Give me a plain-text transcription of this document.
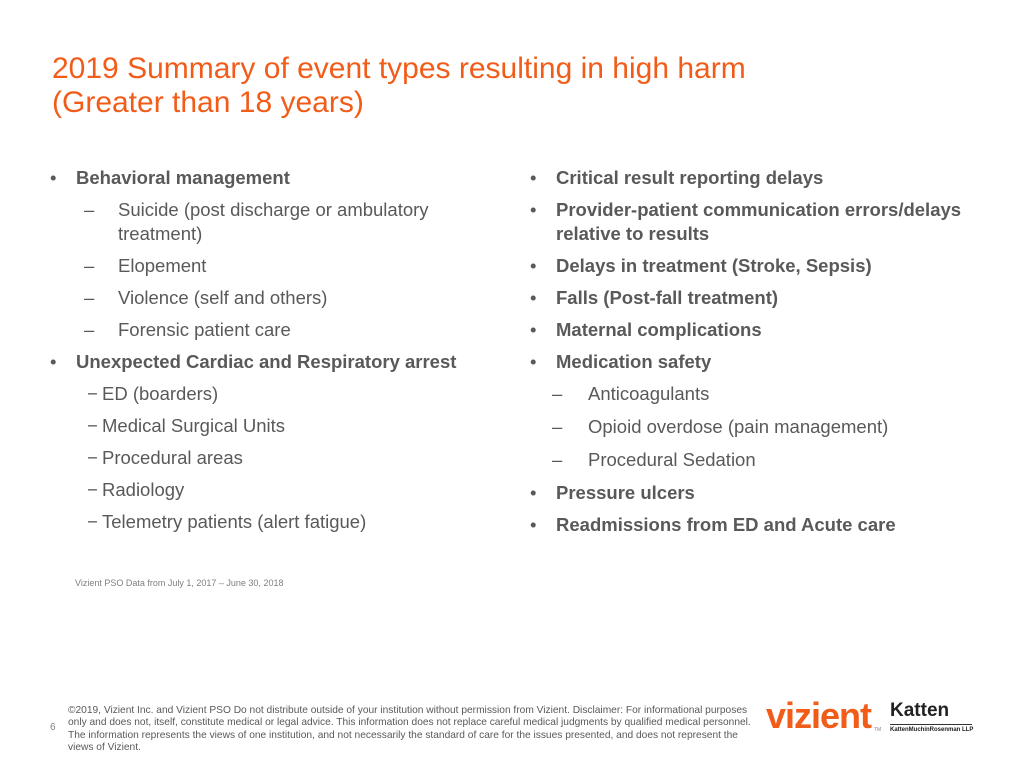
2019 Summary of event types resulting in high harm
(Greater than 18 years)
• Behavioral management
– Suicide (post discharge or ambulatory treatment)
– Elopement
– Violence (self and others)
– Forensic patient care
• Unexpected Cardiac and Respiratory arrest
− ED (boarders)
− Medical Surgical Units
− Procedural areas
− Radiology
− Telemetry patients (alert fatigue)
• Critical result reporting delays
• Provider-patient communication errors/delays relative to results
• Delays in treatment (Stroke, Sepsis)
• Falls (Post-fall treatment)
• Maternal complications
• Medication safety
– Anticoagulants
– Opioid overdose (pain management)
– Procedural Sedation
• Pressure ulcers
• Readmissions from ED and Acute care
Vizient PSO Data from July 1, 2017 – June 30, 2018
6
©2019, Vizient Inc. and Vizient PSO Do not distribute outside of your institution without permission from Vizient. Disclaimer: For informational purposes only and does not, itself, constitute medical or legal advice. This information does not replace careful medical judgments by qualified medical personnel. The information represents the views of one institution, and not necessarily the standard of care for the issues presented, and does not represent the views of Vizient.
vizient TM
Katten
KattenMuchinRosenman LLP
